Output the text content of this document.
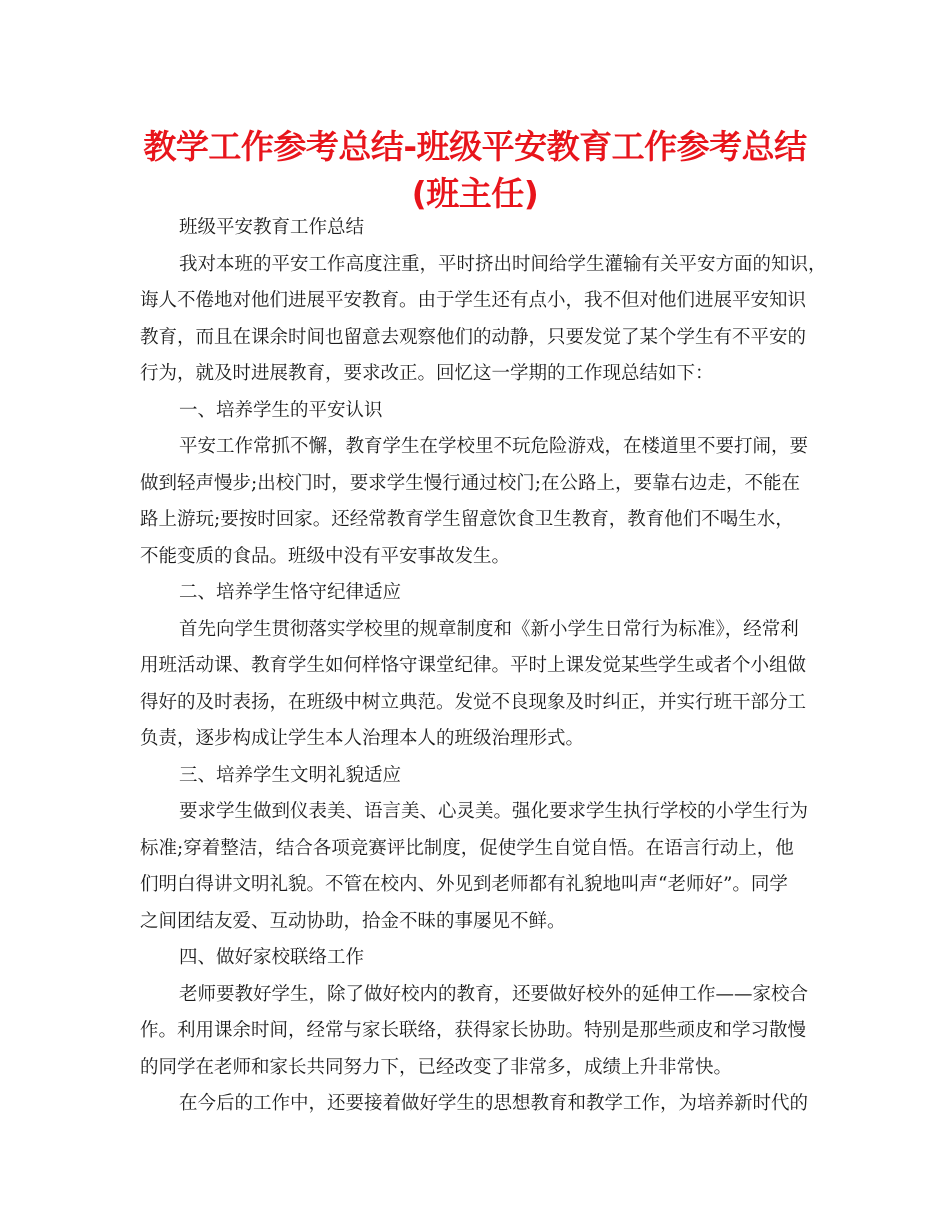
教学工作参考总结-班级平安教育工作参考总结
(班主任)
班级平安教育工作总结
我对本班的平安工作高度注重，平时挤出时间给学生灌输有关平安方面的知识，
诲人不倦地对他们进展平安教育。由于学生还有点小，我不但对他们进展平安知识
教育，而且在课余时间也留意去观察他们的动静，只要发觉了某个学生有不平安的
行为，就及时进展教育，要求改正。回忆这一学期的工作现总结如下：
一、培养学生的平安认识
平安工作常抓不懈，教育学生在学校里不玩危险游戏，在楼道里不要打闹，要
做到轻声慢步;出校门时，要求学生慢行通过校门;在公路上，要靠右边走，不能在
路上游玩;要按时回家。还经常教育学生留意饮食卫生教育，教育他们不喝生水，
不能变质的食品。班级中没有平安事故发生。
二、培养学生恪守纪律适应
首先向学生贯彻落实学校里的规章制度和《新小学生日常行为标准》，经常利
用班活动课、教育学生如何样恪守课堂纪律。平时上课发觉某些学生或者个小组做
得好的及时表扬，在班级中树立典范。发觉不良现象及时纠正，并实行班干部分工
负责，逐步构成让学生本人治理本人的班级治理形式。
三、培养学生文明礼貌适应
要求学生做到仪表美、语言美、心灵美。强化要求学生执行学校的小学生行为
标准;穿着整洁，结合各项竞赛评比制度，促使学生自觉自悟。在语言行动上，他
们明白得讲文明礼貌。不管在校内、外见到老师都有礼貌地叫声“老师好”。同学
之间团结友爱、互动协助，拾金不昧的事屡见不鲜。
四、做好家校联络工作
老师要教好学生，除了做好校内的教育，还要做好校外的延伸工作——家校合
作。利用课余时间，经常与家长联络，获得家长协助。特别是那些顽皮和学习散慢
的同学在老师和家长共同努力下，已经改变了非常多，成绩上升非常快。
在今后的工作中，还要接着做好学生的思想教育和教学工作，为培养新时代的
